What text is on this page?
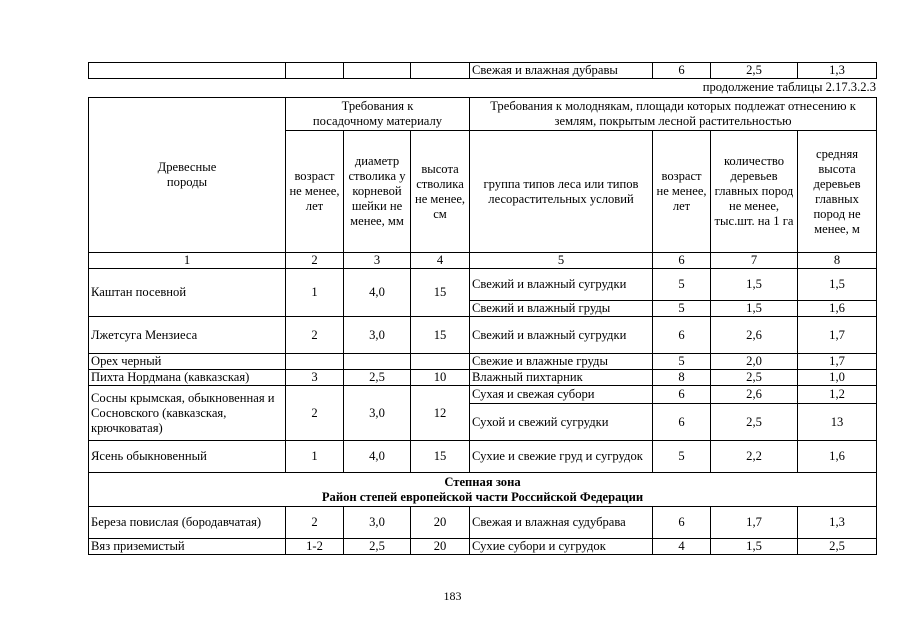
				Свежая и влажная дубравы	6	2,5	1,3
продолжение таблицы 2.17.3.2.3
Древесные породы	Требования к посадочному материалу			Требования к молоднякам, площади которых подлежат отнесению к землям, покрытым лесной растительностью			
	возраст не менее, лет	диаметр стволика у корневой шейки не менее, мм	высота стволика не менее, см	группа типов леса или типов лесорастительных условий	возраст не менее, лет	количество деревьев главных пород не менее, тыс.шт. на 1 га	средняя высота деревьев главных пород не менее, м
1	2	3	4	5	6	7	8
Каштан посевной	1	4,0	15	Свежий и влажный сугрудки	5	1,5	1,5
				Свежий и влажный груды	5	1,5	1,6
Лжетсуга Мензиеса	2	3,0	15	Свежий и влажный сугрудки	6	2,6	1,7
Орех черный				Свежие и влажные груды	5	2,0	1,7
Пихта Нордмана (кавказская)	3	2,5	10	Влажный пихтарник	8	2,5	1,0
Сосны крымская, обыкновенная и Сосновского (кавказская, крючковатая)	2	3,0	12	Сухая и свежая субори	6	2,6	1,2
				Сухой и свежий сугрудки	6	2,5	13
Ясень обыкновенный	1	4,0	15	Сухие и свежие груд и сугрудок	5	2,2	1,6

Степная зона
Район степей европейской части Российской Федерации							

Береза повислая (бородавчатая)	2	3,0	20	Свежая и влажная судубрава	6	1,7	1,3
Вяз приземистый	1-2	2,5	20	Сухие субори и сугрудок	4	1,5	2,5
183
